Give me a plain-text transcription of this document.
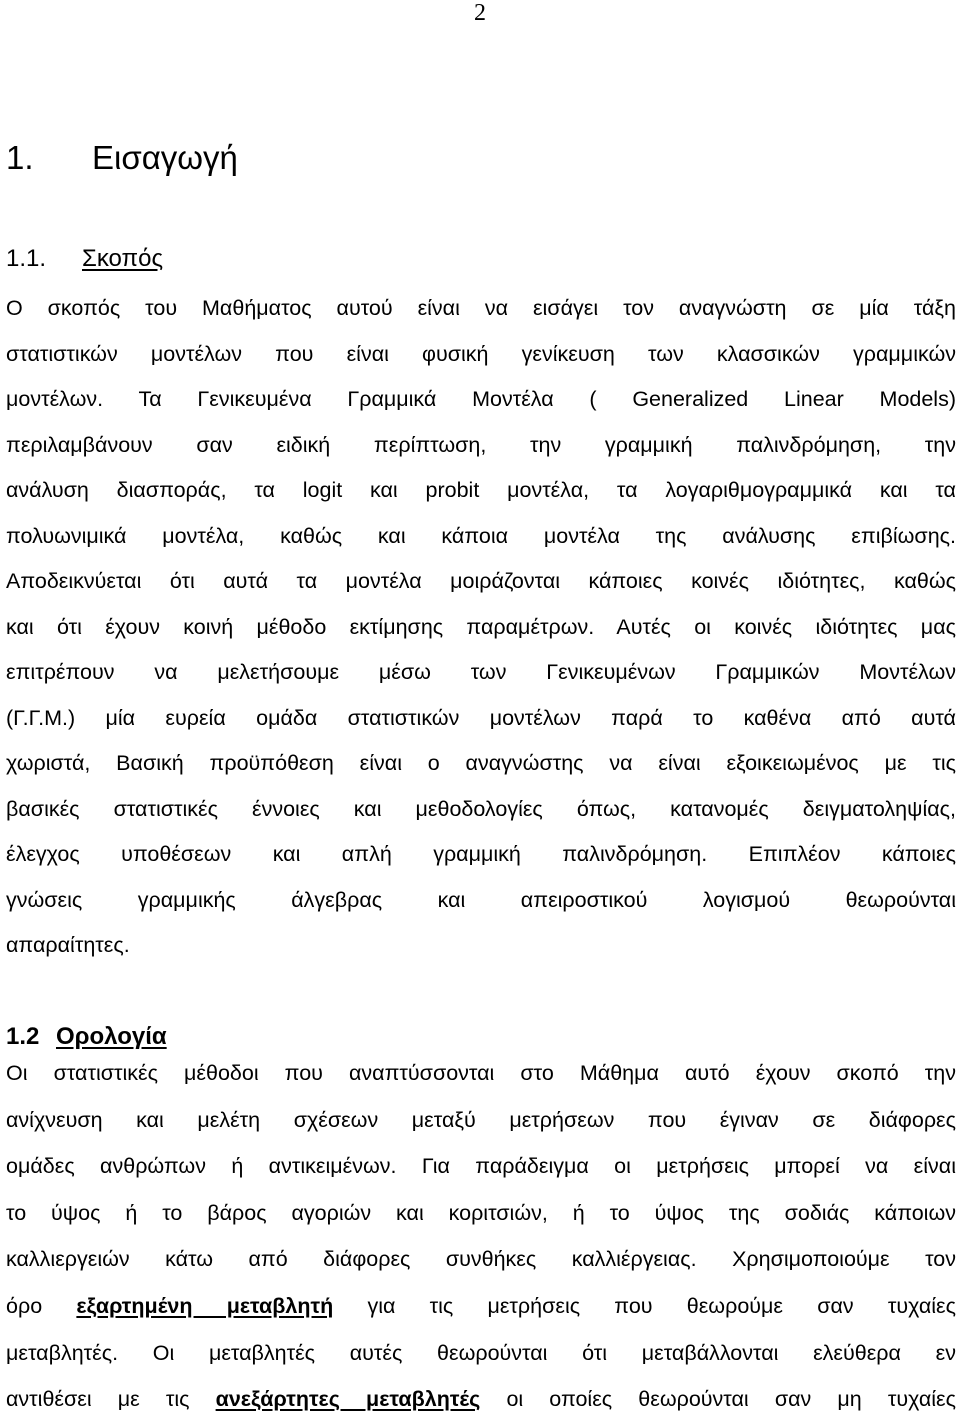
2
1. Εισαγωγή
1.1. Σκοπός
Ο σκοπός του Μαθήματος αυτού είναι να εισάγει τον αναγνώστη σε μία τάξη
στατιστικών μοντέλων που είναι φυσική γενίκευση των κλασσικών γραμμικών
μοντέλων. Τα Γενικευμένα Γραμμικά Μοντέλα ( Generalized Linear Models)
περιλαμβάνουν σαν ειδική περίπτωση, την γραμμική παλινδρόμηση, την
ανάλυση διασποράς, τα logit και probit μοντέλα, τα λογαριθμογραμμικά και τα
πολυωνιμικά μοντέλα, καθώς και κάποια μοντέλα της ανάλυσης επιβίωσης.
Αποδεικνύεται ότι αυτά τα μοντέλα μοιράζονται κάποιες κοινές ιδιότητες, καθώς
και ότι έχουν κοινή μέθοδο εκτίμησης παραμέτρων. Αυτές οι κοινές ιδιότητες μας
επιτρέπουν να μελετήσουμε μέσω των Γενικευμένων Γραμμικών Μοντέλων
(Γ.Γ.Μ.) μία ευρεία ομάδα στατιστικών μοντέλων παρά το καθένα από αυτά
χωριστά, Βασική προϋπόθεση είναι ο αναγνώστης να είναι εξοικειωμένος με τις
βασικές στατιστικές έννοιες και μεθοδολογίες όπως, κατανομές δειγματοληψίας,
έλεγχος υποθέσεων και απλή γραμμική παλινδρόμηση. Επιπλέον κάποιες
γνώσεις γραμμικής άλγεβρας και απειροστικού λογισμού θεωρούνται
απαραίτητες.
1.2 Ορολογία
Οι στατιστικές μέθοδοι που αναπτύσσονται στο Μάθημα αυτό έχουν σκοπό την
ανίχνευση και μελέτη σχέσεων μεταξύ μετρήσεων που έγιναν σε διάφορες
ομάδες ανθρώπων ή αντικειμένων. Για παράδειγμα οι μετρήσεις μπορεί να είναι
το ύψος ή το βάρος αγοριών και κοριτσιών, ή το ύψος της σοδιάς κάποιων
καλλιεργειών κάτω από διάφορες συνθήκες καλλιέργειας. Χρησιμοποιούμε τον
όρο εξαρτημένη μεταβλητή για τις μετρήσεις που θεωρούμε σαν τυχαίες
μεταβλητές. Οι μεταβλητές αυτές θεωρούνται ότι μεταβάλλονται ελεύθερα εν
αντιθέσει με τις ανεξάρτητες μεταβλητές οι οποίες θεωρούνται σαν μη τυχαίες
